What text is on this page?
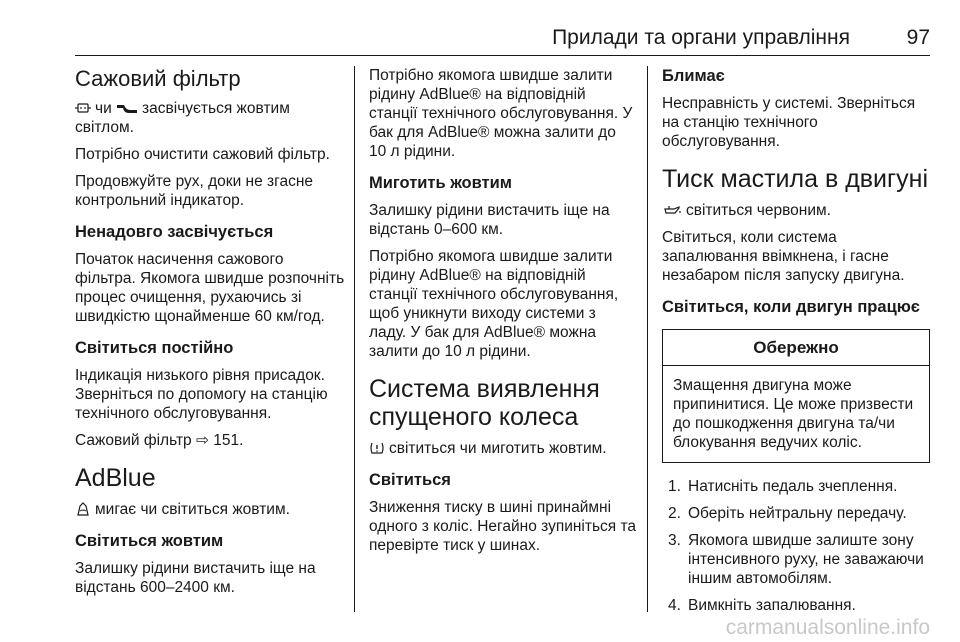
Прилади та органи управління	97
Сажовий фільтр

чи засвічується жовтим світлом.

Потрібно очистити сажовий фільтр.

Продовжуйте рух, доки не згасне контрольний індикатор.

Ненадовго засвічується

Початок насичення сажового фільтра. Якомога швидше розпочніть процес очищення, рухаючись зі швидкістю щонайменше 60 км/год.

Світиться постійно

Індикація низького рівня присадок. Зверніться по допомогу на станцію технічного обслуговування.

Сажовий фільтр ⇨ 151.

AdBlue

мигає чи світиться жовтим.

Світиться жовтим

Залишку рідини вистачить іще на відстань 600–2400 км.

Потрібно якомога швидше залити рідину AdBlue® на відповідній станції технічного обслуговування. У бак для AdBlue® можна залити до 10 л рідини.

Миготить жовтим

Залишку рідини вистачить іще на відстань 0–600 км.

Потрібно якомога швидше залити рідину AdBlue® на відповідній станції технічного обслуговування, щоб уникнути виходу системи з ладу. У бак для AdBlue® можна залити до 10 л рідини.

Система виявлення спущеного колеса

світиться чи миготить жовтим.

Світиться

Зниження тиску в шині принаймні одного з коліс. Негайно зупиніться та перевірте тиск у шинах.

Блимає

Несправність у системі. Зверніться на станцію технічного обслуговування.

Тиск мастила в двигуні

світиться червоним.

Світиться, коли система запалювання ввімкнена, і гасне незабаром після запуску двигуна.

Світиться, коли двигун працює
Обережно
Змащення двигуна може припинитися. Це може призвести до пошкодження двигуна та/чи блокування ведучих коліс.
1. Натисніть педаль зчеплення.
2. Оберіть нейтральну передачу.
3. Якомога швидше залиште зону інтенсивного руху, не заважаючи іншим автомобілям.
4. Вимкніть запалювання.
carmanualsonline.info
